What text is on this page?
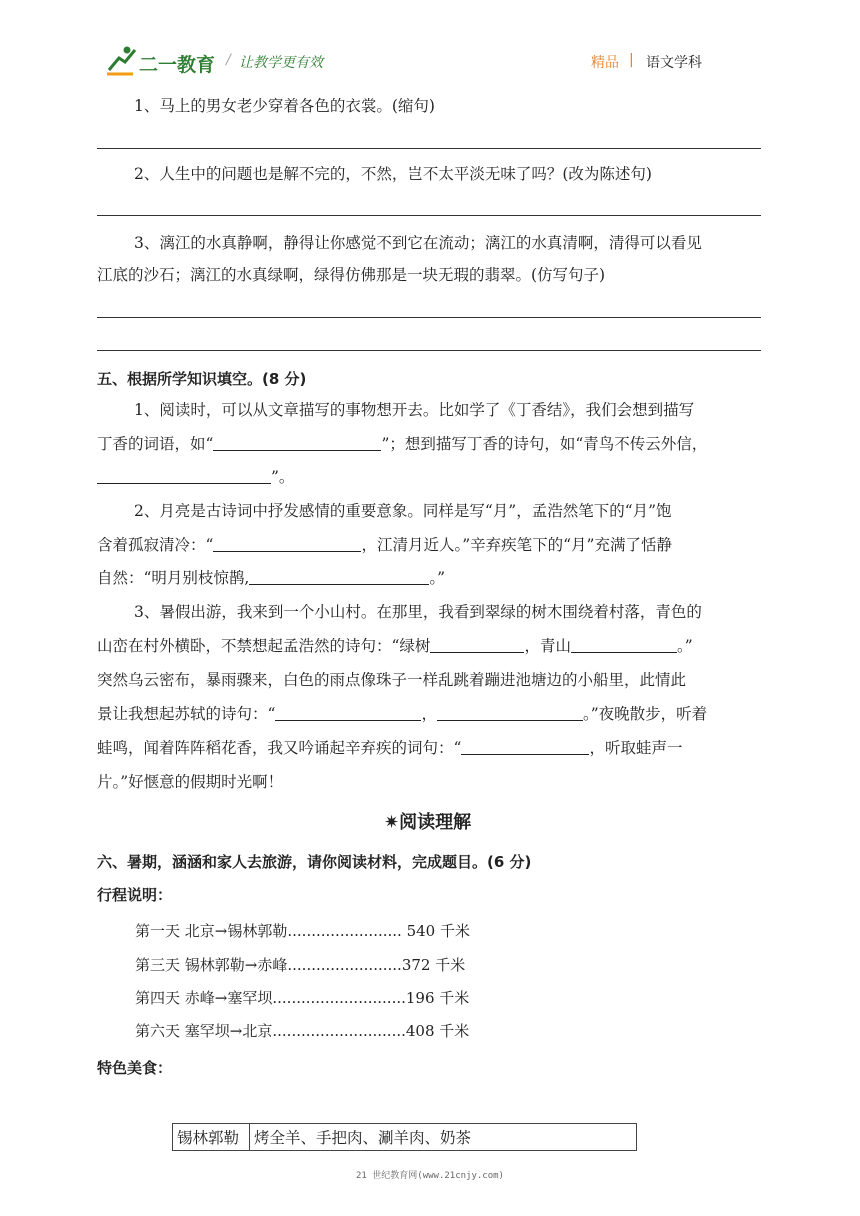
二一教育 / 让教学更有效	精品 | 语文学科
1、马上的男女老少穿着各色的衣裳。(缩句)
2、人生中的问题也是解不完的，不然，岂不太平淡无味了吗？(改为陈述句)
3、漓江的水真静啊，静得让你感觉不到它在流动；漓江的水真清啊，清得可以看见
江底的沙石；漓江的水真绿啊，绿得仿佛那是一块无瑕的翡翠。(仿写句子)
五、根据所学知识填空。(8 分)
1、阅读时，可以从文章描写的事物想开去。比如学了《丁香结》，我们会想到描写
丁香的词语，如“	”；想到描写丁香的诗句，如“青鸟不传云外信，
”。
2、月亮是古诗词中抒发感情的重要意象。同样是写“月”，孟浩然笔下的“月”饱
含着孤寂清冷：“	，江清月近人。”辛弃疾笔下的“月”充满了恬静
自然：“明月别枝惊鹊,	。”
3、暑假出游，我来到一个小山村。在那里，我看到翠绿的树木围绕着村落，青色的
山峦在村外横卧，不禁想起孟浩然的诗句：“绿树	，青山	。”
突然乌云密布，暴雨骤来，白色的雨点像珠子一样乱跳着蹦进池塘边的小船里，此情此
景让我想起苏轼的诗句：“	，	。”夜晚散步，听着
蛙鸣，闻着阵阵稻花香，我又吟诵起辛弃疾的词句：“	，听取蛙声一
片。”好惬意的假期时光啊！
✷阅读理解
六、暑期，涵涵和家人去旅游，请你阅读材料，完成题目。(6 分)
行程说明：
第一天 北京→锡林郭勒........................ 540 千米
第三天 锡林郭勒→赤峰........................372 千米
第四天 赤峰→塞罕坝............................196 千米
第六天 塞罕坝→北京............................408 千米
特色美食：
锡林郭勒	烤全羊、手把肉、涮羊肉、奶茶
21 世纪教育网(www.21cnjy.com)
